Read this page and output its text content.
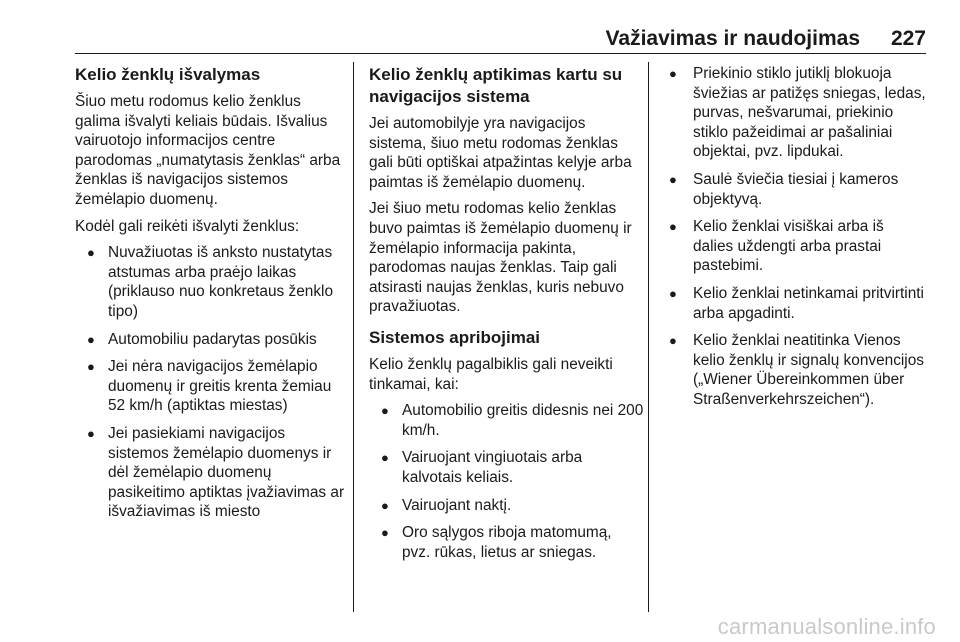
Važiavimas ir naudojimas	227
Kelio ženklų išvalymas

Šiuo metu rodomus kelio ženklus galima išvalyti keliais būdais. Išvalius vairuotojo informacijos centre parodomas „numatytasis ženklas“ arba ženklas iš navigacijos sistemos žemėlapio duomenų.

Kodėl gali reikėti išvalyti ženklus:

● Nuvažiuotas iš anksto nustatytas atstumas arba praėjo laikas (priklauso nuo konkretaus ženklo tipo)
● Automobiliu padarytas posūkis
● Jei nėra navigacijos žemėlapio duomenų ir greitis krenta žemiau 52 km/h (aptiktas miestas)
● Jei pasiekiami navigacijos sistemos žemėlapio duomenys ir dėl žemėlapio duomenų pasikeitimo aptiktas įvažiavimas ar išvažiavimas iš miesto
Kelio ženklų aptikimas kartu su navigacijos sistema

Jei automobilyje yra navigacijos sistema, šiuo metu rodomas ženklas gali būti optiškai atpažintas kelyje arba paimtas iš žemėlapio duomenų.

Jei šiuo metu rodomas kelio ženklas buvo paimtas iš žemėlapio duomenų ir žemėlapio informacija pakinta, parodomas naujas ženklas. Taip gali atsirasti naujas ženklas, kuris nebuvo pravažiuotas.

Sistemos apribojimai

Kelio ženklų pagalbiklis gali neveikti tinkamai, kai:

● Automobilio greitis didesnis nei 200 km/h.
● Vairuojant vingiuotais arba kalvotais keliais.
● Vairuojant naktį.
● Oro sąlygos riboja matomumą, pvz. rūkas, lietus ar sniegas.
● Priekinio stiklo jutiklį blokuoja šviežias ar patižęs sniegas, ledas, purvas, nešvarumai, priekinio stiklo pažeidimai ar pašaliniai objektai, pvz. lipdukai.
● Saulė šviečia tiesiai į kameros objektyvą.
● Kelio ženklai visiškai arba iš dalies uždengti arba prastai pastebimi.
● Kelio ženklai netinkamai pritvirtinti arba apgadinti.
● Kelio ženklai neatitinka Vienos kelio ženklų ir signalų konvencijos („Wiener Übereinkommen über Straßenverkehrszeichen“).
carmanualsonline.info
